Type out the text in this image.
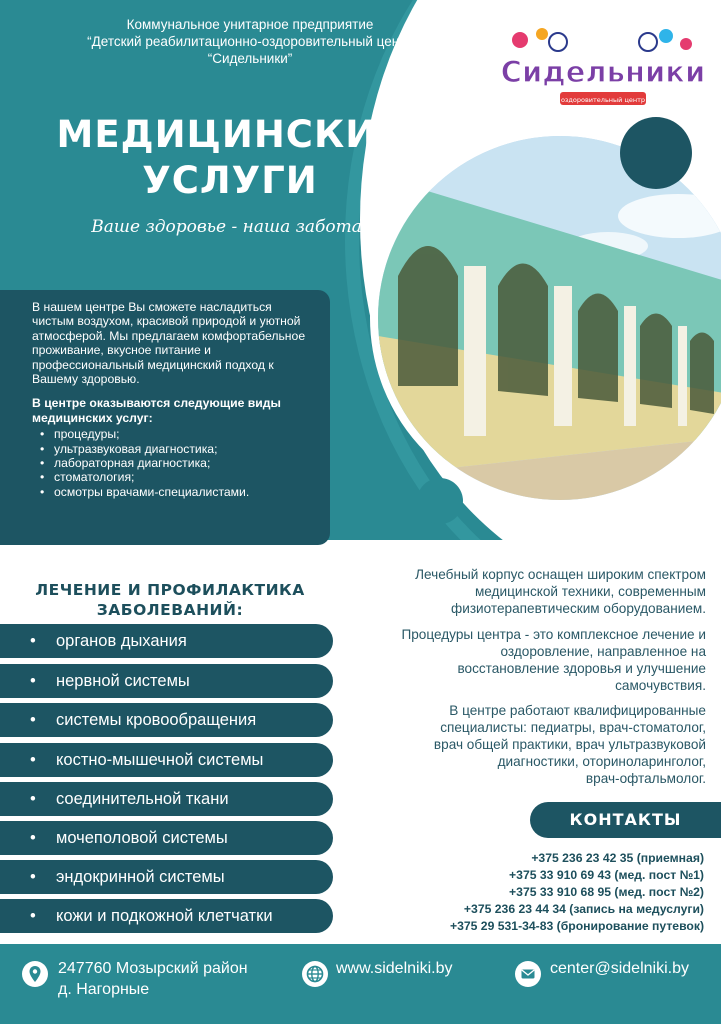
Коммунальное унитарное предприятие
“Детский реабилитационно-оздоровительный центр
“Сидельники”	Сидельники
оздоровительный центр
МЕДИЦИНСКИЕ
УСЛУГИ
Ваше здоровье - наша забота!

В нашем центре Вы сможете насладиться чистым воздухом, красивой природой и уютной атмосферой. Мы предлагаем комфортабельное проживание, вкусное питание и профессиональный медицинский подход к Вашему здоровью.

В центре оказываются следующие виды медицинских услуг:

• процедуры;
• ультразвуковая диагностика;
• лабораторная диагностика;
• стоматология;
• осмотры врачами-специалистами.
ЛЕЧЕНИЕ И ПРОФИЛАКТИКА
ЗАБОЛЕВАНИЙ:
• органов дыхания
• нервной системы
• системы кровообращения
• костно-мышечной системы
• соединительной ткани
• мочеполовой системы
• эндокринной системы
• кожи и подкожной клетчатки
Лечебный корпус оснащен широким спектром
медицинской техники, современным
физиотерапевтическим оборудованием.
Процедуры центра - это комплексное лечение и
оздоровление, направленное на
восстановление здоровья и улучшение
самочувствия.
В центре работают квалифицированные
специалисты: педиатры, врач-стоматолог,
врач общей практики, врач ультразвуковой
диагностики, оториноларинголог,
врач-офтальмолог.
КОНТАКТЫ
+375 236 23 42 35 (приемная)
+375 33 910 69 43 (мед. пост №1)
+375 33 910 68 95 (мед. пост №2)
+375 236 23 44 34 (запись на медуслуги)
+375 29 531-34-83 (бронирование путевок)
247760 Мозырский район
д. Нагорные
www.sidelniki.by	center@sidelniki.by
